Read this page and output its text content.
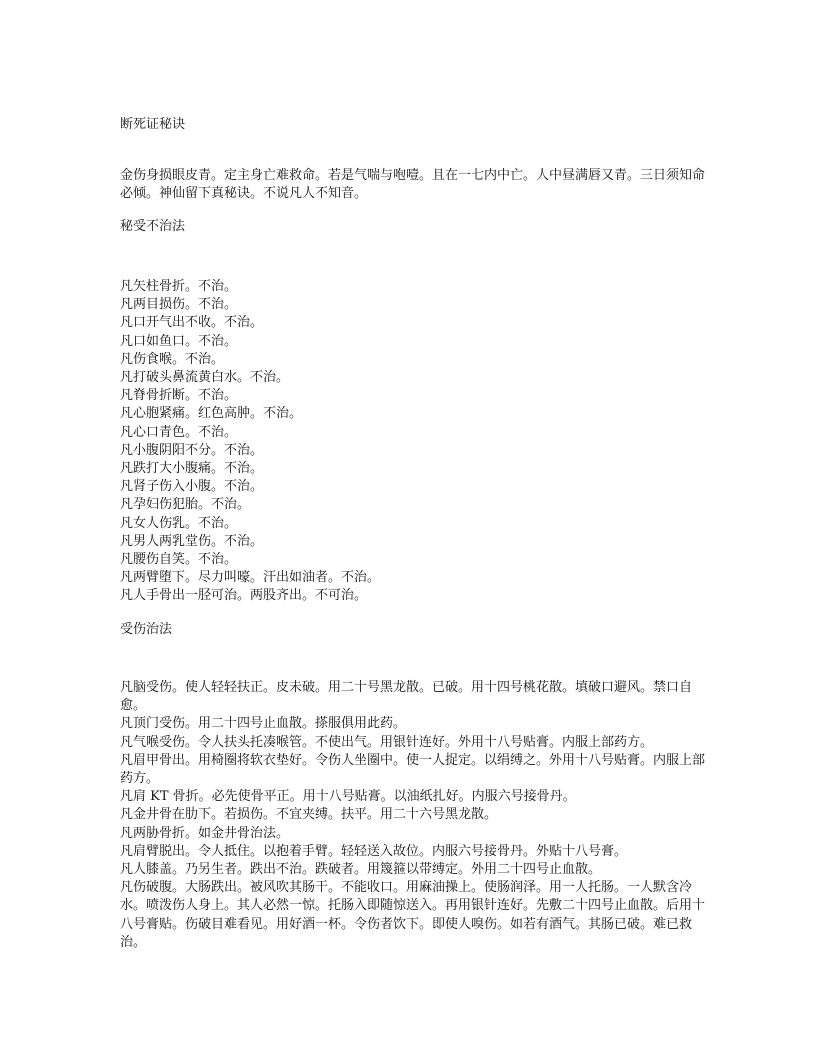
断死证秘诀

金伤身损眼皮青。定主身亡难救命。若是气喘与咆噎。且在一七内中亡。人中昼满唇又青。三日须知命必倾。神仙留下真秘诀。不说凡人不知音。

秘受不治法

凡矢柱骨折。不治。

凡两目损伤。不治。

凡口开气出不收。不治。

凡口如鱼口。不治。

凡伤食喉。不治。

凡打破头鼻流黄白水。不治。

凡脊骨折断。不治。

凡心胞紧痛。红色高肿。不治。

凡心口青色。不治。

凡小腹阴阳不分。不治。

凡跌打大小腹痛。不治。

凡肾子伤入小腹。不治。

凡孕妇伤犯胎。不治。

凡女人伤乳。不治。

凡男人两乳堂伤。不治。

凡腰伤自笑。不治。

凡两臂堕下。尽力叫嚎。汗出如油者。不治。

凡人手骨出一胫可治。两股齐出。不可治。

受伤治法

凡脑受伤。使人轻轻扶正。皮未破。用二十号黑龙散。已破。用十四号桃花散。填破口避风。禁口自愈。

凡顶门受伤。用二十四号止血散。搽服俱用此药。

凡气喉受伤。令人扶头托凑喉管。不使出气。用银针连好。外用十八号贴膏。内服上部药方。

凡眉甲骨出。用椅圈将软衣垫好。令伤人坐圈中。使一人捉定。以绢缚之。外用十八号贴膏。内服上部药方。

凡肩 KT 骨折。必先使骨平正。用十八号贴膏。以油纸扎好。内服六号接骨丹。

凡金井骨在肋下。若损伤。不宜夹缚。扶平。用二十六号黑龙散。

凡两胁骨折。如金井骨治法。

凡肩臂脱出。令人抵住。以抱着手臂。轻轻送入故位。内服六号接骨丹。外贴十八号膏。

凡人膝盖。乃另生者。跌出不治。跌破者。用篾箍以带缚定。外用二十四号止血散。

凡伤破腹。大肠跌出。被风吹其肠干。不能收口。用麻油操上。使肠润泽。用一人托肠。一人默含冷水。喷泼伤人身上。其人必然一惊。托肠入即随惊送入。再用银针连好。先敷二十四号止血散。后用十八号膏贴。伤破目难看见。用好酒一杯。令伤者饮下。即使人嗅伤。如若有酒气。其肠已破。难已救治。
